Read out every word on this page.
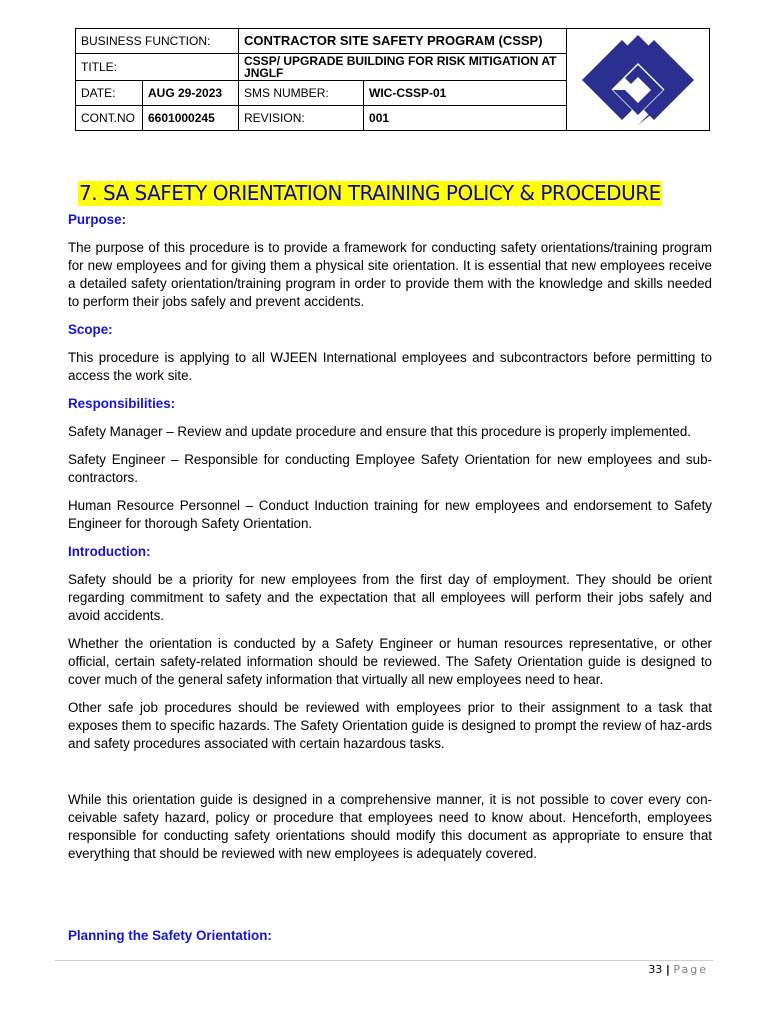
BUSINESS FUNCTION:		CONTRACTOR SITE SAFETY PROGRAM (CSSP)	

TITLE:		CSSP/ UPGRADE BUILDING FOR RISK MITIGATION AT JNGLF		
DATE:	AUG 29-2023	SMS NUMBER:	WIC-CSSP-01	
CONT.NO	6601000245	REVISION:	001	
7. SA SAFETY ORIENTATION TRAINING POLICY & PROCEDURE
Purpose:

The purpose of this procedure is to provide a framework for conducting safety orientations/training program for new employees and for giving them a physical site orientation. It is essential that new employees receive a detailed safety orientation/training program in order to provide them with the knowledge and skills needed to perform their jobs safely and prevent accidents.

Scope:

This procedure is applying to all WJEEN International employees and subcontractors before permitting to access the work site.

Responsibilities:

Safety Manager – Review and update procedure and ensure that this procedure is properly implemented.

Safety Engineer – Responsible for conducting Employee Safety Orientation for new employees and sub-contractors.

Human Resource Personnel – Conduct Induction training for new employees and endorsement to Safety Engineer for thorough Safety Orientation.

Introduction:

Safety should be a priority for new employees from the first day of employment. They should be orient regarding commitment to safety and the expectation that all employees will perform their jobs safely and avoid accidents.

Whether the orientation is conducted by a Safety Engineer or human resources representative, or other official, certain safety-related information should be reviewed. The Safety Orientation guide is designed to cover much of the general safety information that virtually all new employees need to hear.

Other safe job procedures should be reviewed with employees prior to their assignment to a task that exposes them to specific hazards. The Safety Orientation guide is designed to prompt the review of haz-ards and safety procedures associated with certain hazardous tasks.

While this orientation guide is designed in a comprehensive manner, it is not possible to cover every con-ceivable safety hazard, policy or procedure that employees need to know about. Henceforth, employees responsible for conducting safety orientations should modify this document as appropriate to ensure that everything that should be reviewed with new employees is adequately covered.

Planning the Safety Orientation:
33 | Page
